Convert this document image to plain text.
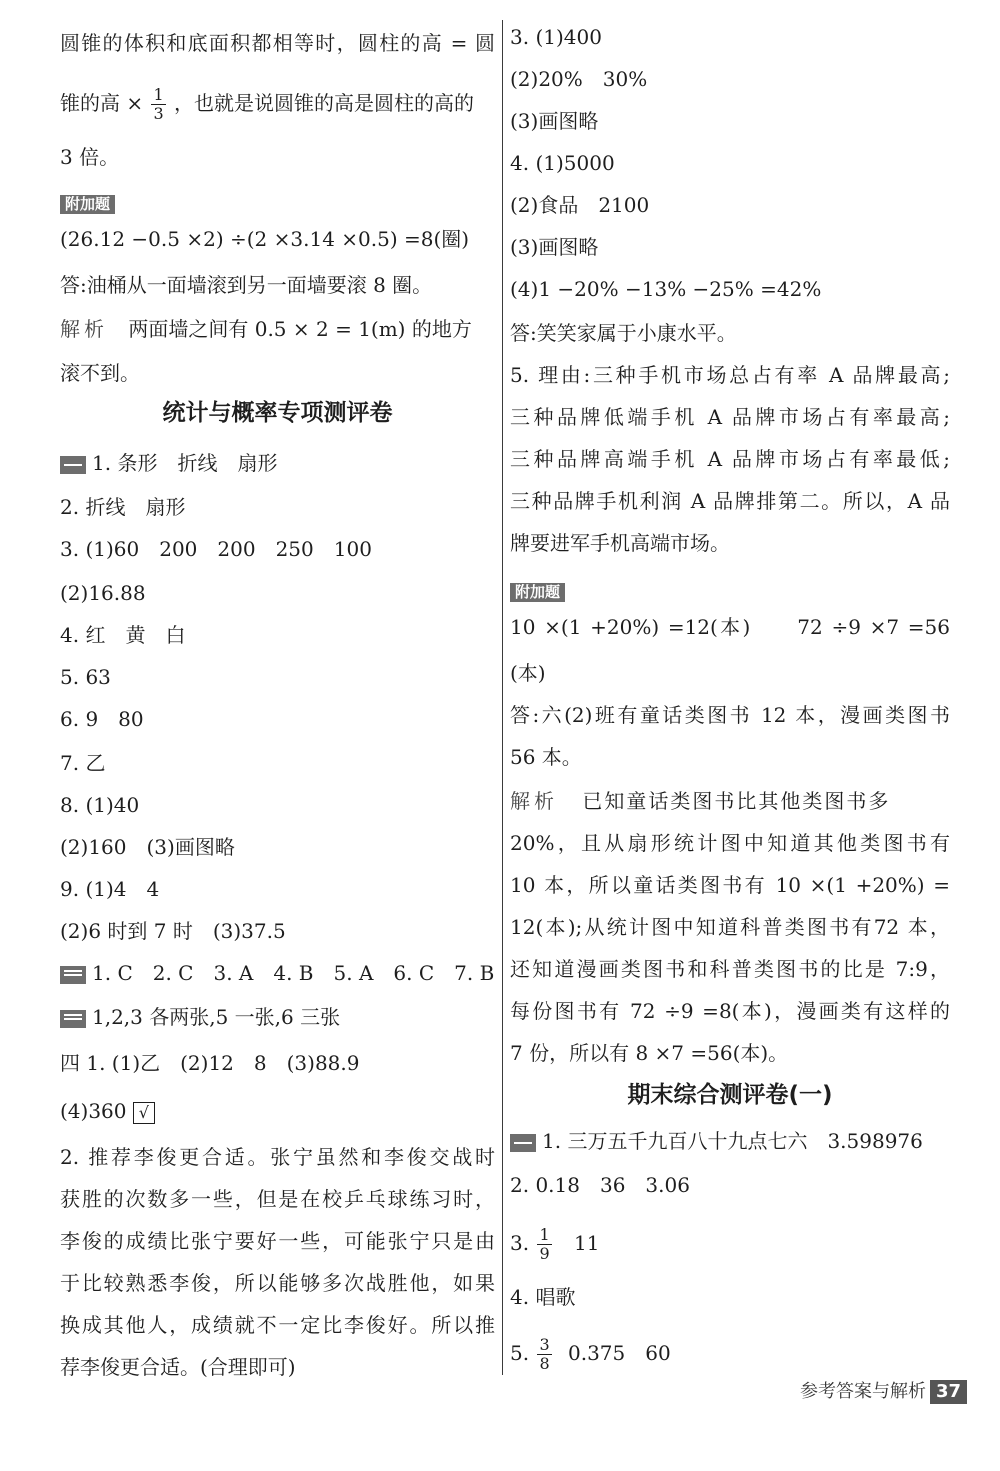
圆锥的体积和底面积都相等时，圆柱的高 = 圆
锥的高 × $\frac{1}{3}$ ，也就是说圆锥的高是圆柱的高的
3 倍。
附加题
(26.12 −0.5 ×2) ÷(2 ×3.14 ×0.5) =8(圈)
答:油桶从一面墙滚到另一面墙要滚 8 圈。
解析 两面墙之间有 0.5 × 2 = 1(m) 的地方
滚不到。
统计与概率专项测评卷
1. 条形　折线　扇形
2. 折线　扇形
3. (1)60　200　200　250　100
(2)16.88
4. 红　黄　白
5. 63
6. 9　80
7. 乙
8. (1)40
(2)160　(3)画图略
9. (1)4　4
(2)6 时到 7 时　(3)37.5
1. C　2. C　3. A　4. B　5. A　6. C　7. B
1,2,3 各两张,5 一张,6 三张
四 1. (1)乙　(2)12　8　(3)88.9
(4)360 √
2. 推荐李俊更合适。张宁虽然和李俊交战时
获胜的次数多一些，但是在校乒乓球练习时，
李俊的成绩比张宁要好一些，可能张宁只是由
于比较熟悉李俊，所以能够多次战胜他，如果
换成其他人，成绩就不一定比李俊好。所以推
荐李俊更合适。(合理即可)
3. (1)400
(2)20%　30%
(3)画图略
4. (1)5000
(2)食品　2100
(3)画图略
(4)1 −20% −13% −25% =42%
答:笑笑家属于小康水平。
5. 理由:三种手机市场总占有率 A 品牌最高;
三种品牌低端手机 A 品牌市场占有率最高;
三种品牌高端手机 A 品牌市场占有率最低;
三种品牌手机利润 A 品牌排第二。所以，A 品
牌要进军手机高端市场。
附加题
10 ×(1 +20%) =12(本)　　72 ÷9 ×7 =56
(本)
答:六(2)班有童话类图书 12 本，漫画类图书
56 本。
解析 已知童话类图书比其他类图书多
20%，且从扇形统计图中知道其他类图书有
10 本，所以童话类图书有 10 ×(1 +20%) =
12(本);从统计图中知道科普类图书有72 本，
还知道漫画类图书和科普类图书的比是 7:9，
每份图书有 72 ÷9 =8(本)，漫画类有这样的
7 份，所以有 8 ×7 =56(本)。
期末综合测评卷(一)
1. 三万五千九百八十九点七六　3.598976
2. 0.18　36　3.06
3. $\frac{1}{9} 11$
4. 唱歌
5. $\frac{3}{8} 0.375$　60
参考答案与解析 37
